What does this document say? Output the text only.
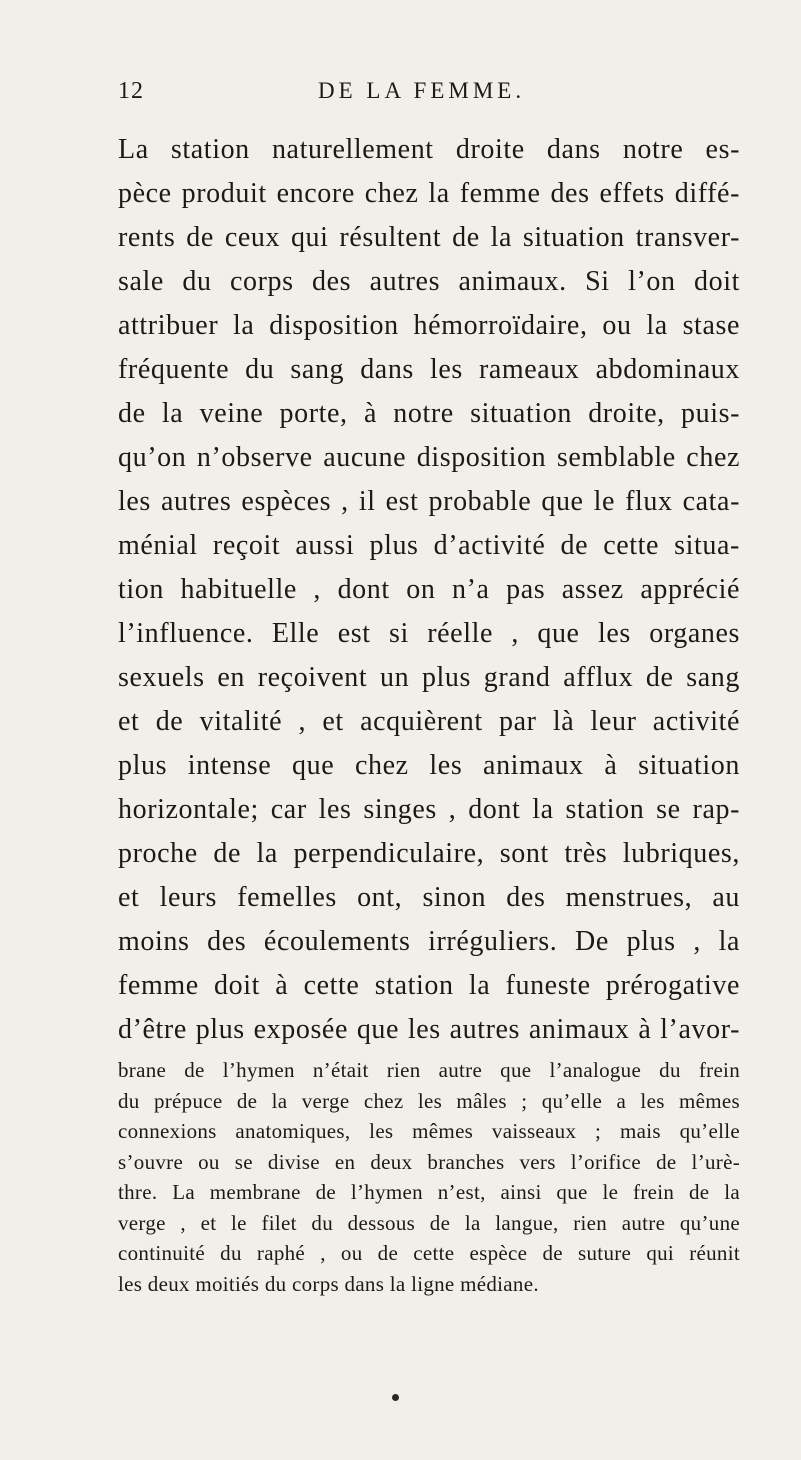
12	DE LA FEMME.
La station naturellement droite dans notre es-
pèce produit encore chez la femme des effets diffé-
rents de ceux qui résultent de la situation transver-
sale du corps des autres animaux. Si l’on doit
attribuer la disposition hémorroïdaire, ou la stase
fréquente du sang dans les rameaux abdominaux
de la veine porte, à notre situation droite, puis-
qu’on n’observe aucune disposition semblable chez
les autres espèces , il est probable que le flux cata-
ménial reçoit aussi plus d’activité de cette situa-
tion habituelle , dont on n’a pas assez apprécié
l’influence. Elle est si réelle , que les organes
sexuels en reçoivent un plus grand afflux de sang
et de vitalité , et acquièrent par là leur activité
plus intense que chez les animaux à situation
horizontale; car les singes , dont la station se rap-
proche de la perpendiculaire, sont très lubriques,
et leurs femelles ont, sinon des menstrues, au
moins des écoulements irréguliers. De plus , la
femme doit à cette station la funeste prérogative
d’être plus exposée que les autres animaux à l’avor-
brane de l’hymen n’était rien autre que l’analogue du frein
du prépuce de la verge chez les mâles ; qu’elle a les mêmes
connexions anatomiques, les mêmes vaisseaux ; mais qu’elle
s’ouvre ou se divise en deux branches vers l’orifice de l’urè-
thre. La membrane de l’hymen n’est, ainsi que le frein de la
verge , et le filet du dessous de la langue, rien autre qu’une
continuité du raphé , ou de cette espèce de suture qui réunit
les deux moitiés du corps dans la ligne médiane.
